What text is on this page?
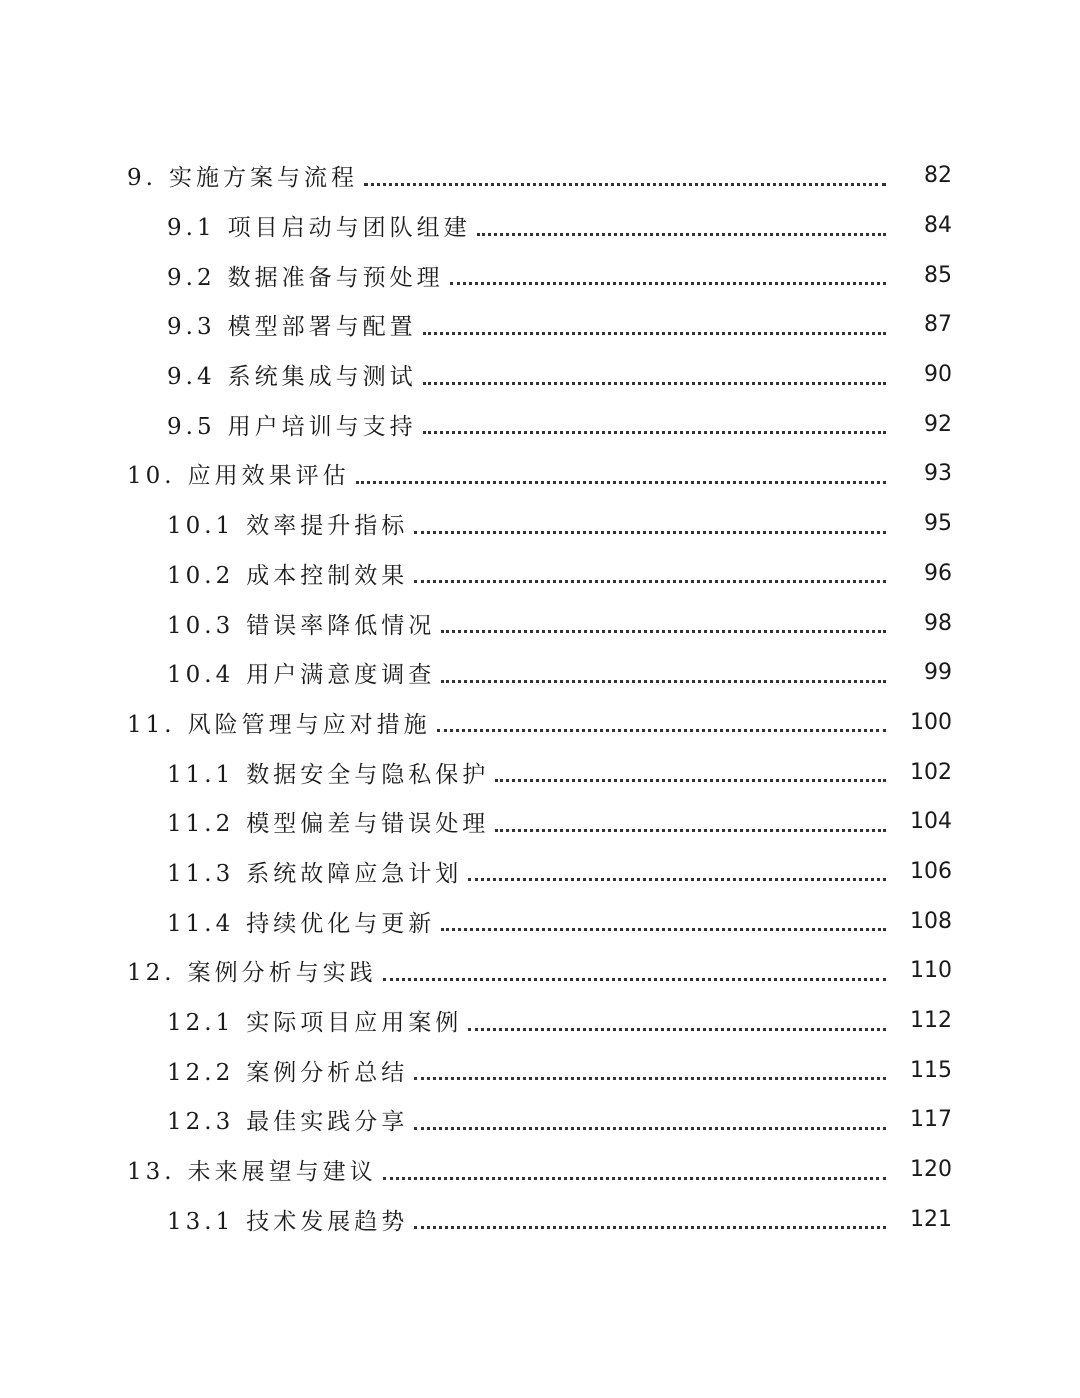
9. 实施方案与流程	82
9.1 项目启动与团队组建	84
9.2 数据准备与预处理	85
9.3 模型部署与配置	87
9.4 系统集成与测试	90
9.5 用户培训与支持	92
10. 应用效果评估	93
10.1 效率提升指标	95
10.2 成本控制效果	96
10.3 错误率降低情况	98
10.4 用户满意度调查	99
11. 风险管理与应对措施	100
11.1 数据安全与隐私保护	102
11.2 模型偏差与错误处理	104
11.3 系统故障应急计划	106
11.4 持续优化与更新	108
12. 案例分析与实践	110
12.1 实际项目应用案例	112
12.2 案例分析总结	115
12.3 最佳实践分享	117
13. 未来展望与建议	120
13.1 技术发展趋势	121
